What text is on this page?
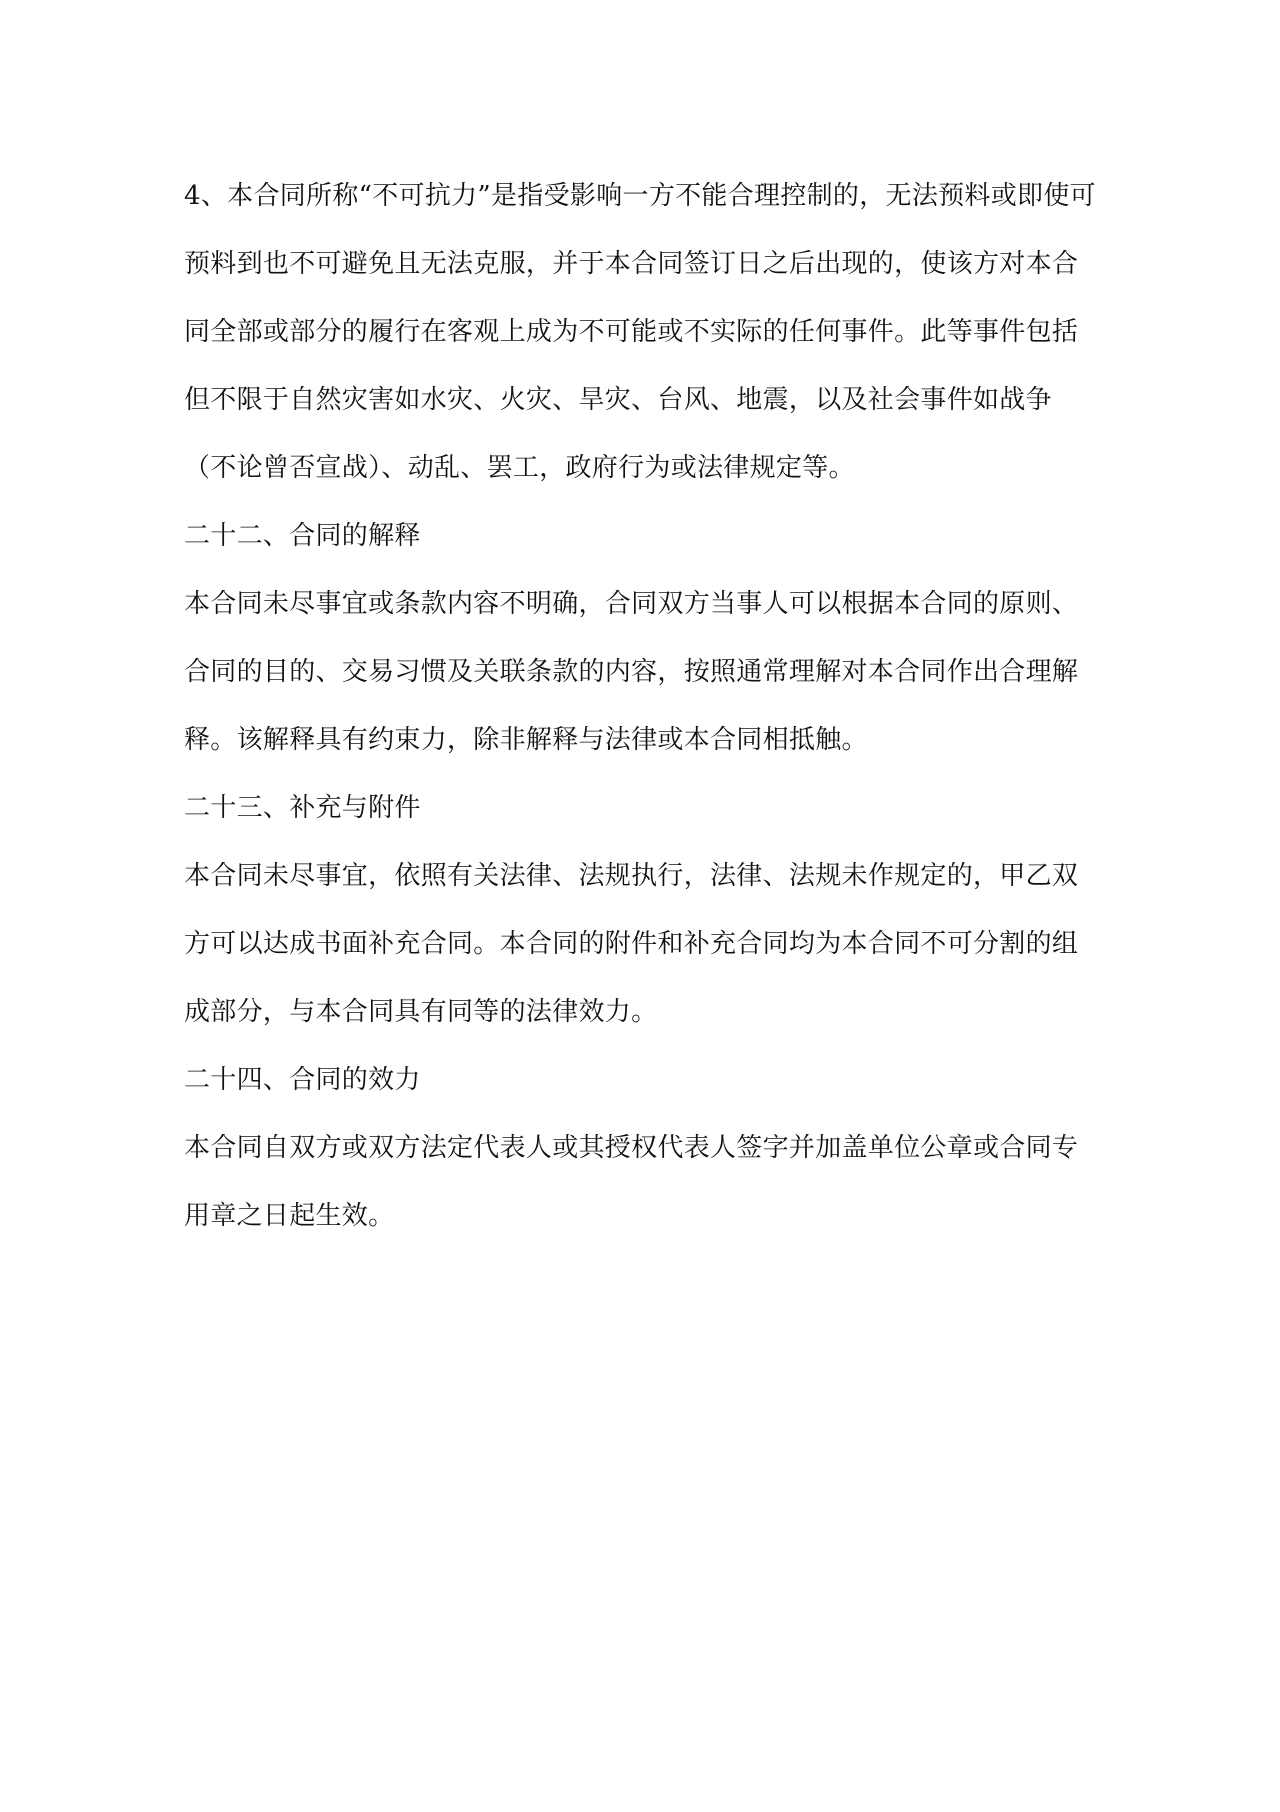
4、本合同所称“不可抗力”是指受影响一方不能合理控制的，无法预料或即使可预料到也不可避免且无法克服，并于本合同签订日之后出现的，使该方对本合同全部或部分的履行在客观上成为不可能或不实际的任何事件。此等事件包括但不限于自然灾害如水灾、火灾、旱灾、台风、地震，以及社会事件如战争（不论曾否宣战）、动乱、罢工，政府行为或法律规定等。

二十二、合同的解释

本合同未尽事宜或条款内容不明确，合同双方当事人可以根据本合同的原则、合同的目的、交易习惯及关联条款的内容，按照通常理解对本合同作出合理解释。该解释具有约束力，除非解释与法律或本合同相抵触。

二十三、补充与附件

本合同未尽事宜，依照有关法律、法规执行，法律、法规未作规定的，甲乙双方可以达成书面补充合同。本合同的附件和补充合同均为本合同不可分割的组成部分，与本合同具有同等的法律效力。

二十四、合同的效力

本合同自双方或双方法定代表人或其授权代表人签字并加盖单位公章或合同专用章之日起生效。
